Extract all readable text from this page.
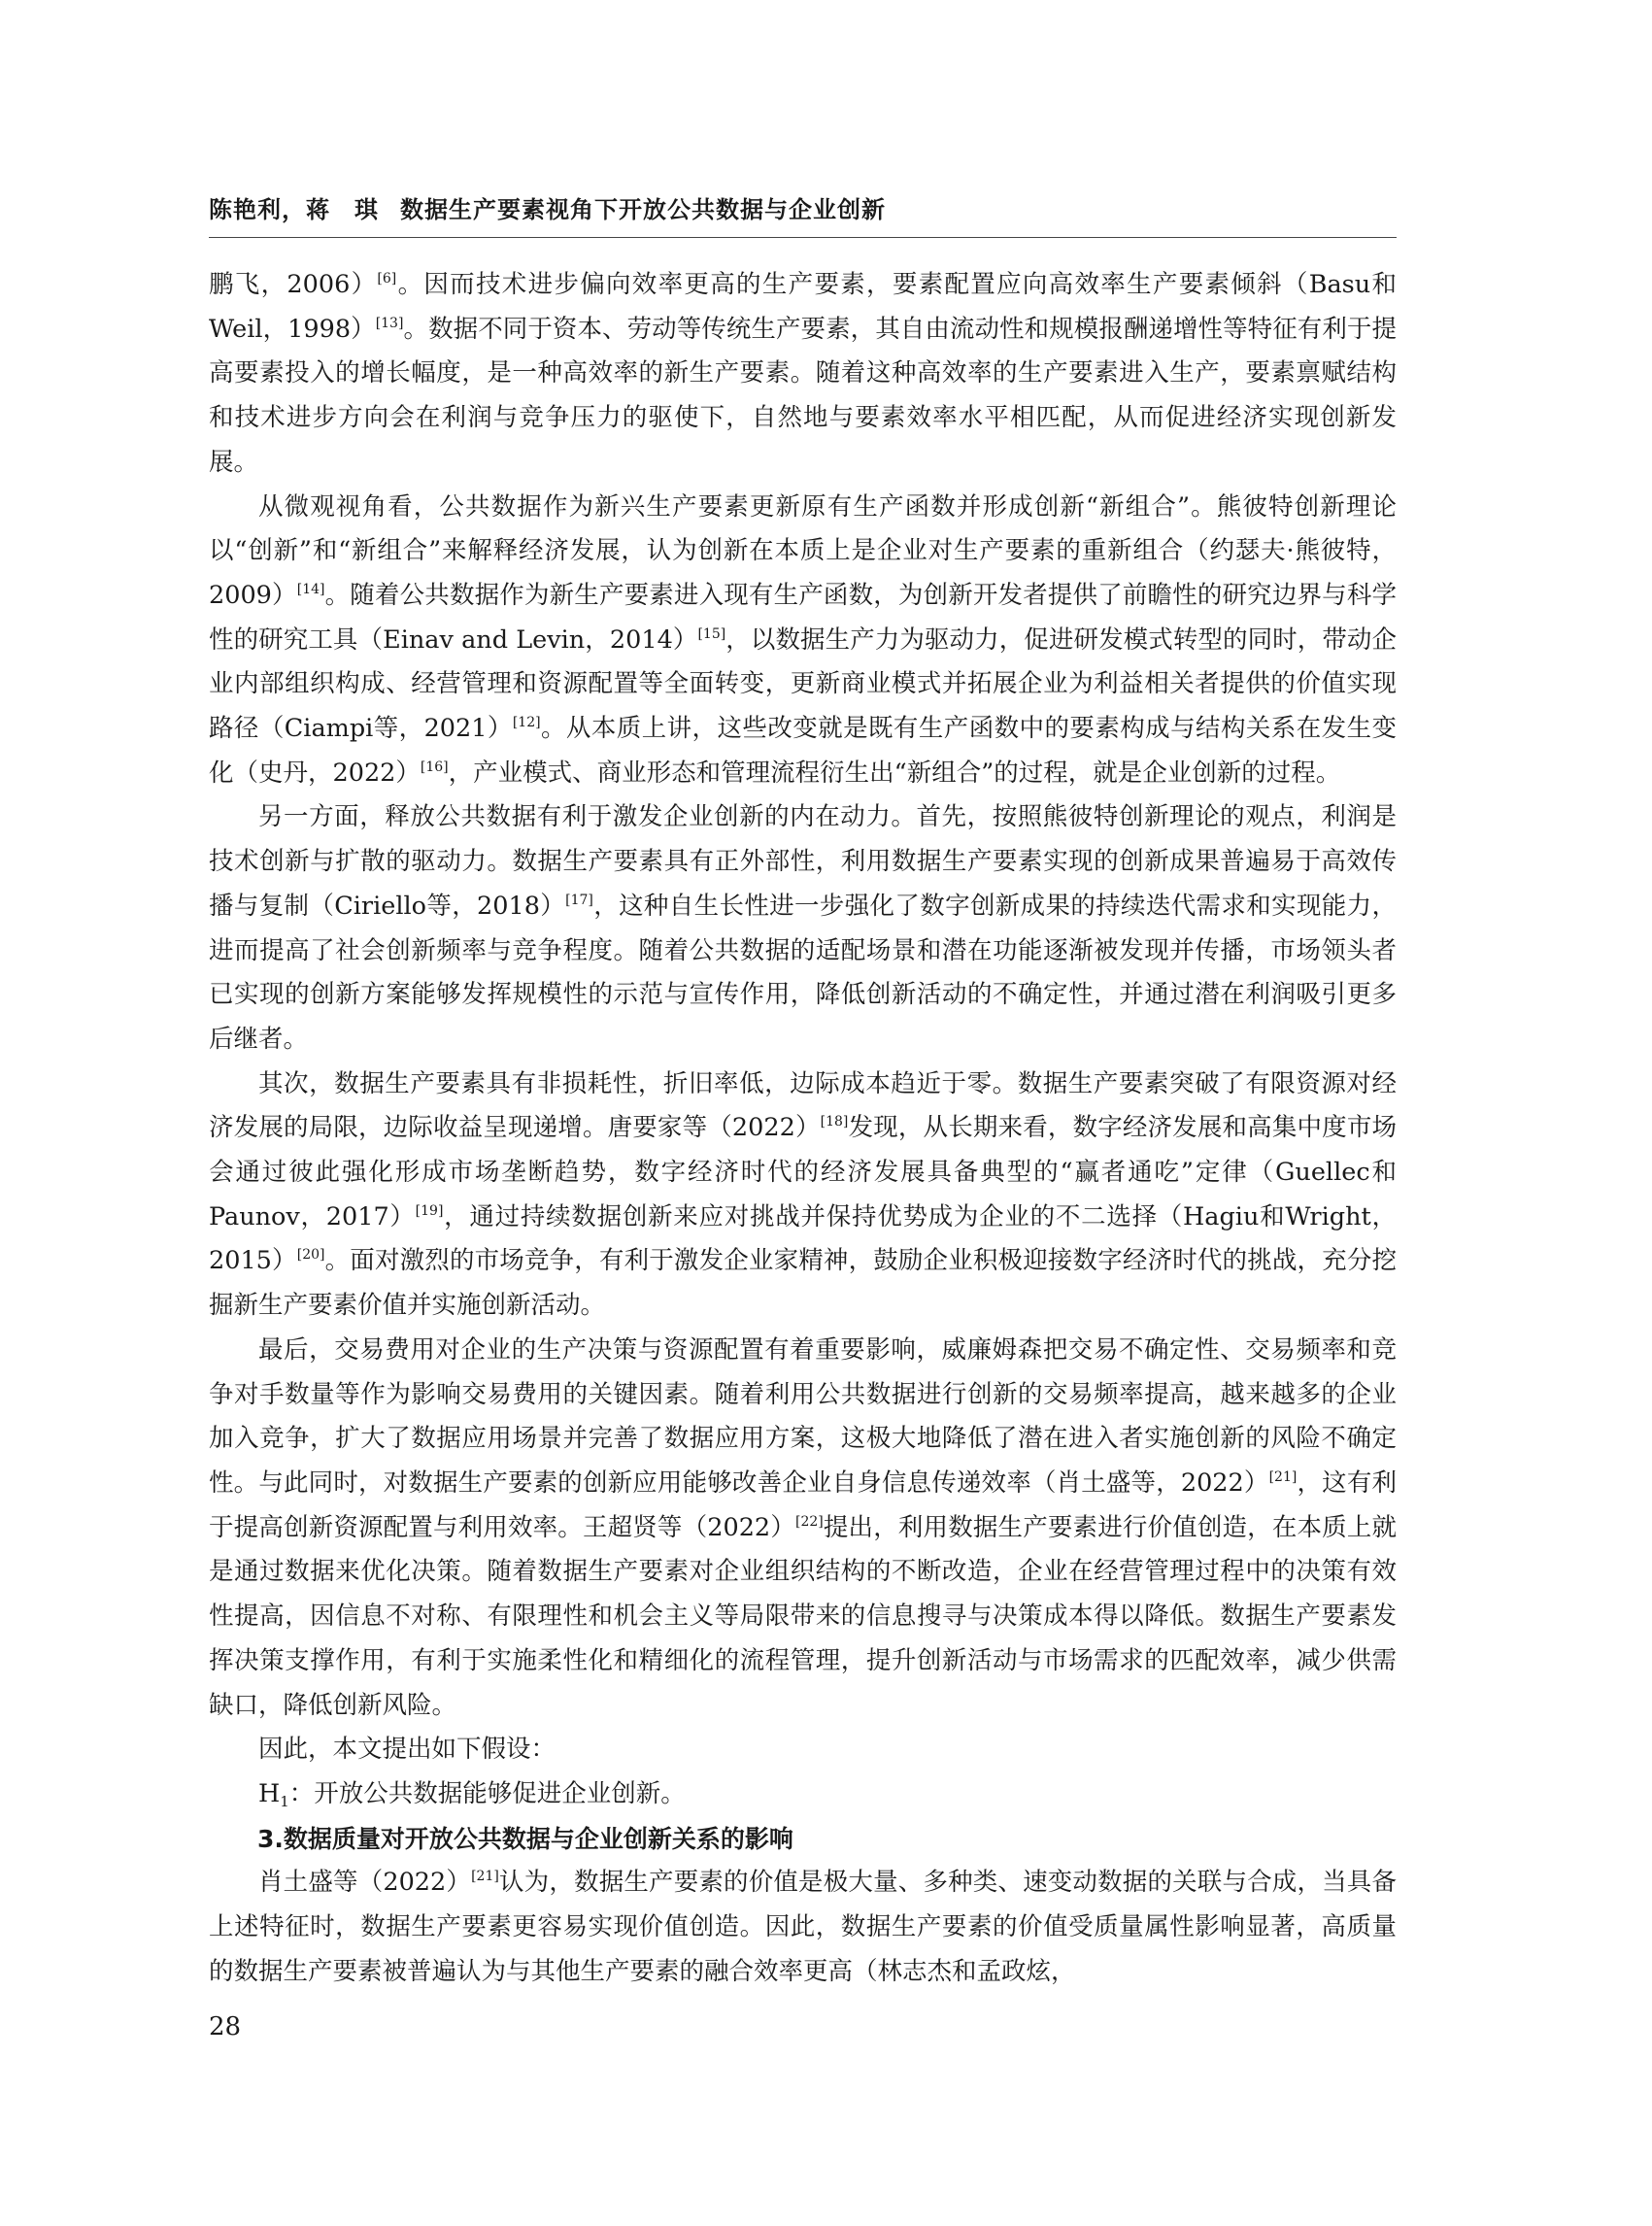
陈艳利，蒋　琪 数据生产要素视角下开放公共数据与企业创新

鹏飞，2006）[6]。因而技术进步偏向效率更高的生产要素，要素配置应向高效率生产要素倾斜（Basu和Weil，1998）[13]。数据不同于资本、劳动等传统生产要素，其自由流动性和规模报酬递增性等特征有利于提高要素投入的增长幅度，是一种高效率的新生产要素。随着这种高效率的生产要素进入生产，要素禀赋结构和技术进步方向会在利润与竞争压力的驱使下，自然地与要素效率水平相匹配，从而促进经济实现创新发展。

从微观视角看，公共数据作为新兴生产要素更新原有生产函数并形成创新“新组合”。熊彼特创新理论以“创新”和“新组合”来解释经济发展，认为创新在本质上是企业对生产要素的重新组合（约瑟夫·熊彼特，2009）[14]。随着公共数据作为新生产要素进入现有生产函数，为创新开发者提供了前瞻性的研究边界与科学性的研究工具（Einav and Levin，2014）[15]，以数据生产力为驱动力，促进研发模式转型的同时，带动企业内部组织构成、经营管理和资源配置等全面转变，更新商业模式并拓展企业为利益相关者提供的价值实现路径（Ciampi等，2021）[12]。从本质上讲，这些改变就是既有生产函数中的要素构成与结构关系在发生变化（史丹，2022）[16]，产业模式、商业形态和管理流程衍生出“新组合”的过程，就是企业创新的过程。

另一方面，释放公共数据有利于激发企业创新的内在动力。首先，按照熊彼特创新理论的观点，利润是技术创新与扩散的驱动力。数据生产要素具有正外部性，利用数据生产要素实现的创新成果普遍易于高效传播与复制（Ciriello等，2018）[17]，这种自生长性进一步强化了数字创新成果的持续迭代需求和实现能力，进而提高了社会创新频率与竞争程度。随着公共数据的适配场景和潜在功能逐渐被发现并传播，市场领头者已实现的创新方案能够发挥规模性的示范与宣传作用，降低创新活动的不确定性，并通过潜在利润吸引更多后继者。

其次，数据生产要素具有非损耗性，折旧率低，边际成本趋近于零。数据生产要素突破了有限资源对经济发展的局限，边际收益呈现递增。唐要家等（2022）[18]发现，从长期来看，数字经济发展和高集中度市场会通过彼此强化形成市场垄断趋势，数字经济时代的经济发展具备典型的“赢者通吃”定律（Guellec和Paunov，2017）[19]，通过持续数据创新来应对挑战并保持优势成为企业的不二选择（Hagiu和Wright，2015）[20]。面对激烈的市场竞争，有利于激发企业家精神，鼓励企业积极迎接数字经济时代的挑战，充分挖掘新生产要素价值并实施创新活动。

最后，交易费用对企业的生产决策与资源配置有着重要影响，威廉姆森把交易不确定性、交易频率和竞争对手数量等作为影响交易费用的关键因素。随着利用公共数据进行创新的交易频率提高，越来越多的企业加入竞争，扩大了数据应用场景并完善了数据应用方案，这极大地降低了潜在进入者实施创新的风险不确定性。与此同时，对数据生产要素的创新应用能够改善企业自身信息传递效率（肖土盛等，2022）[21]，这有利于提高创新资源配置与利用效率。王超贤等（2022）[22]提出，利用数据生产要素进行价值创造，在本质上就是通过数据来优化决策。随着数据生产要素对企业组织结构的不断改造，企业在经营管理过程中的决策有效性提高，因信息不对称、有限理性和机会主义等局限带来的信息搜寻与决策成本得以降低。数据生产要素发挥决策支撑作用，有利于实施柔性化和精细化的流程管理，提升创新活动与市场需求的匹配效率，减少供需缺口，降低创新风险。

因此，本文提出如下假设：

$H_1$：开放公共数据能够促进企业创新。

3.数据质量对开放公共数据与企业创新关系的影响

肖土盛等（2022）[21]认为，数据生产要素的价值是极大量、多种类、速变动数据的关联与合成，当具备上述特征时，数据生产要素更容易实现价值创造。因此，数据生产要素的价值受质量属性影响显著，高质量的数据生产要素被普遍认为与其他生产要素的融合效率更高（林志杰和孟政炫，

28
